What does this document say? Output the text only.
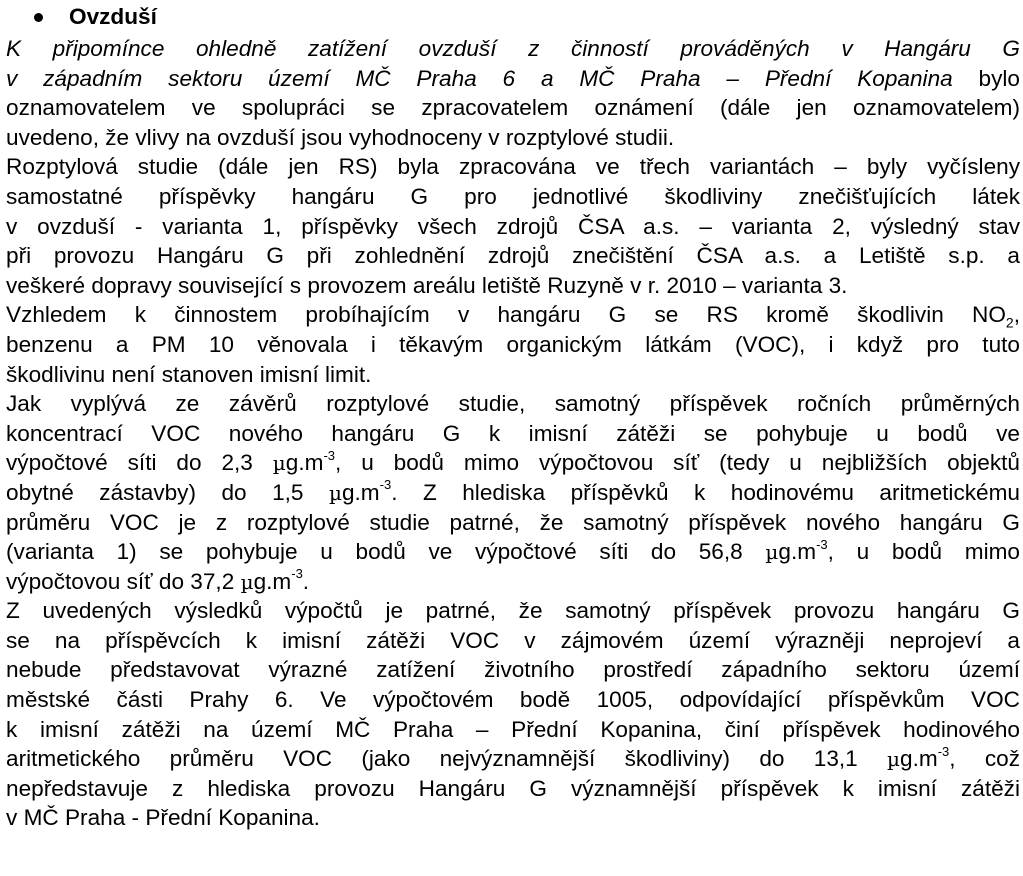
Ovzduší
K připomínce ohledně zatížení ovzduší z činností prováděných v Hangáru G
v západním sektoru území MČ Praha 6 a MČ Praha – Přední Kopanina bylo
oznamovatelem ve spolupráci se zpracovatelem oznámení (dále jen oznamovatelem)
uvedeno, že vlivy na ovzduší jsou vyhodnoceny v rozptylové studii.
Rozptylová studie (dále jen RS) byla zpracována ve třech variantách – byly vyčísleny
samostatné příspěvky hangáru G pro jednotlivé škodliviny znečišťujících látek
v ovzduší - varianta 1, příspěvky všech zdrojů ČSA a.s. – varianta 2, výsledný stav
při provozu Hangáru G při zohlednění zdrojů znečištění ČSA a.s. a Letiště s.p. a
veškeré dopravy související s provozem areálu letiště Ruzyně v r. 2010 – varianta 3.
Vzhledem k činnostem probíhajícím v hangáru G se RS kromě škodlivin $NO_2$,
benzenu a PM 10 věnovala i těkavým organickým látkám (VOC), i když pro tuto
škodlivinu není stanoven imisní limit.
Jak vyplývá ze závěrů rozptylové studie, samotný příspěvek ročních průměrných
koncentrací VOC nového hangáru G k imisní zátěži se pohybuje u bodů ve
výpočtové síti do 2,3 $\mu g.m^{-3}$, u bodů mimo výpočtovou síť (tedy u nejbližších objektů
obytné zástavby) do 1,5 $\mu g.m^{-3}$. Z hlediska příspěvků k hodinovému aritmetickému
průměru VOC je z rozptylové studie patrné, že samotný příspěvek nového hangáru G
(varianta 1) se pohybuje u bodů ve výpočtové síti do 56,8 $\mu g.m^{-3}$, u bodů mimo
výpočtovou síť do 37,2 $\mu g.m^{-3}$.
Z uvedených výsledků výpočtů je patrné, že samotný příspěvek provozu hangáru G
se na příspěvcích k imisní zátěži VOC v zájmovém území výrazněji neprojeví a
nebude představovat výrazné zatížení životního prostředí západního sektoru území
městské části Prahy 6. Ve výpočtovém bodě 1005, odpovídající příspěvkům VOC
k imisní zátěži na území MČ Praha – Přední Kopanina, činí příspěvek hodinového
aritmetického průměru VOC (jako nejvýznamnější škodliviny) do 13,1 $\mu g.m^{-3}$, což
nepředstavuje z hlediska provozu Hangáru G významnější příspěvek k imisní zátěži
v MČ Praha - Přední Kopanina.
